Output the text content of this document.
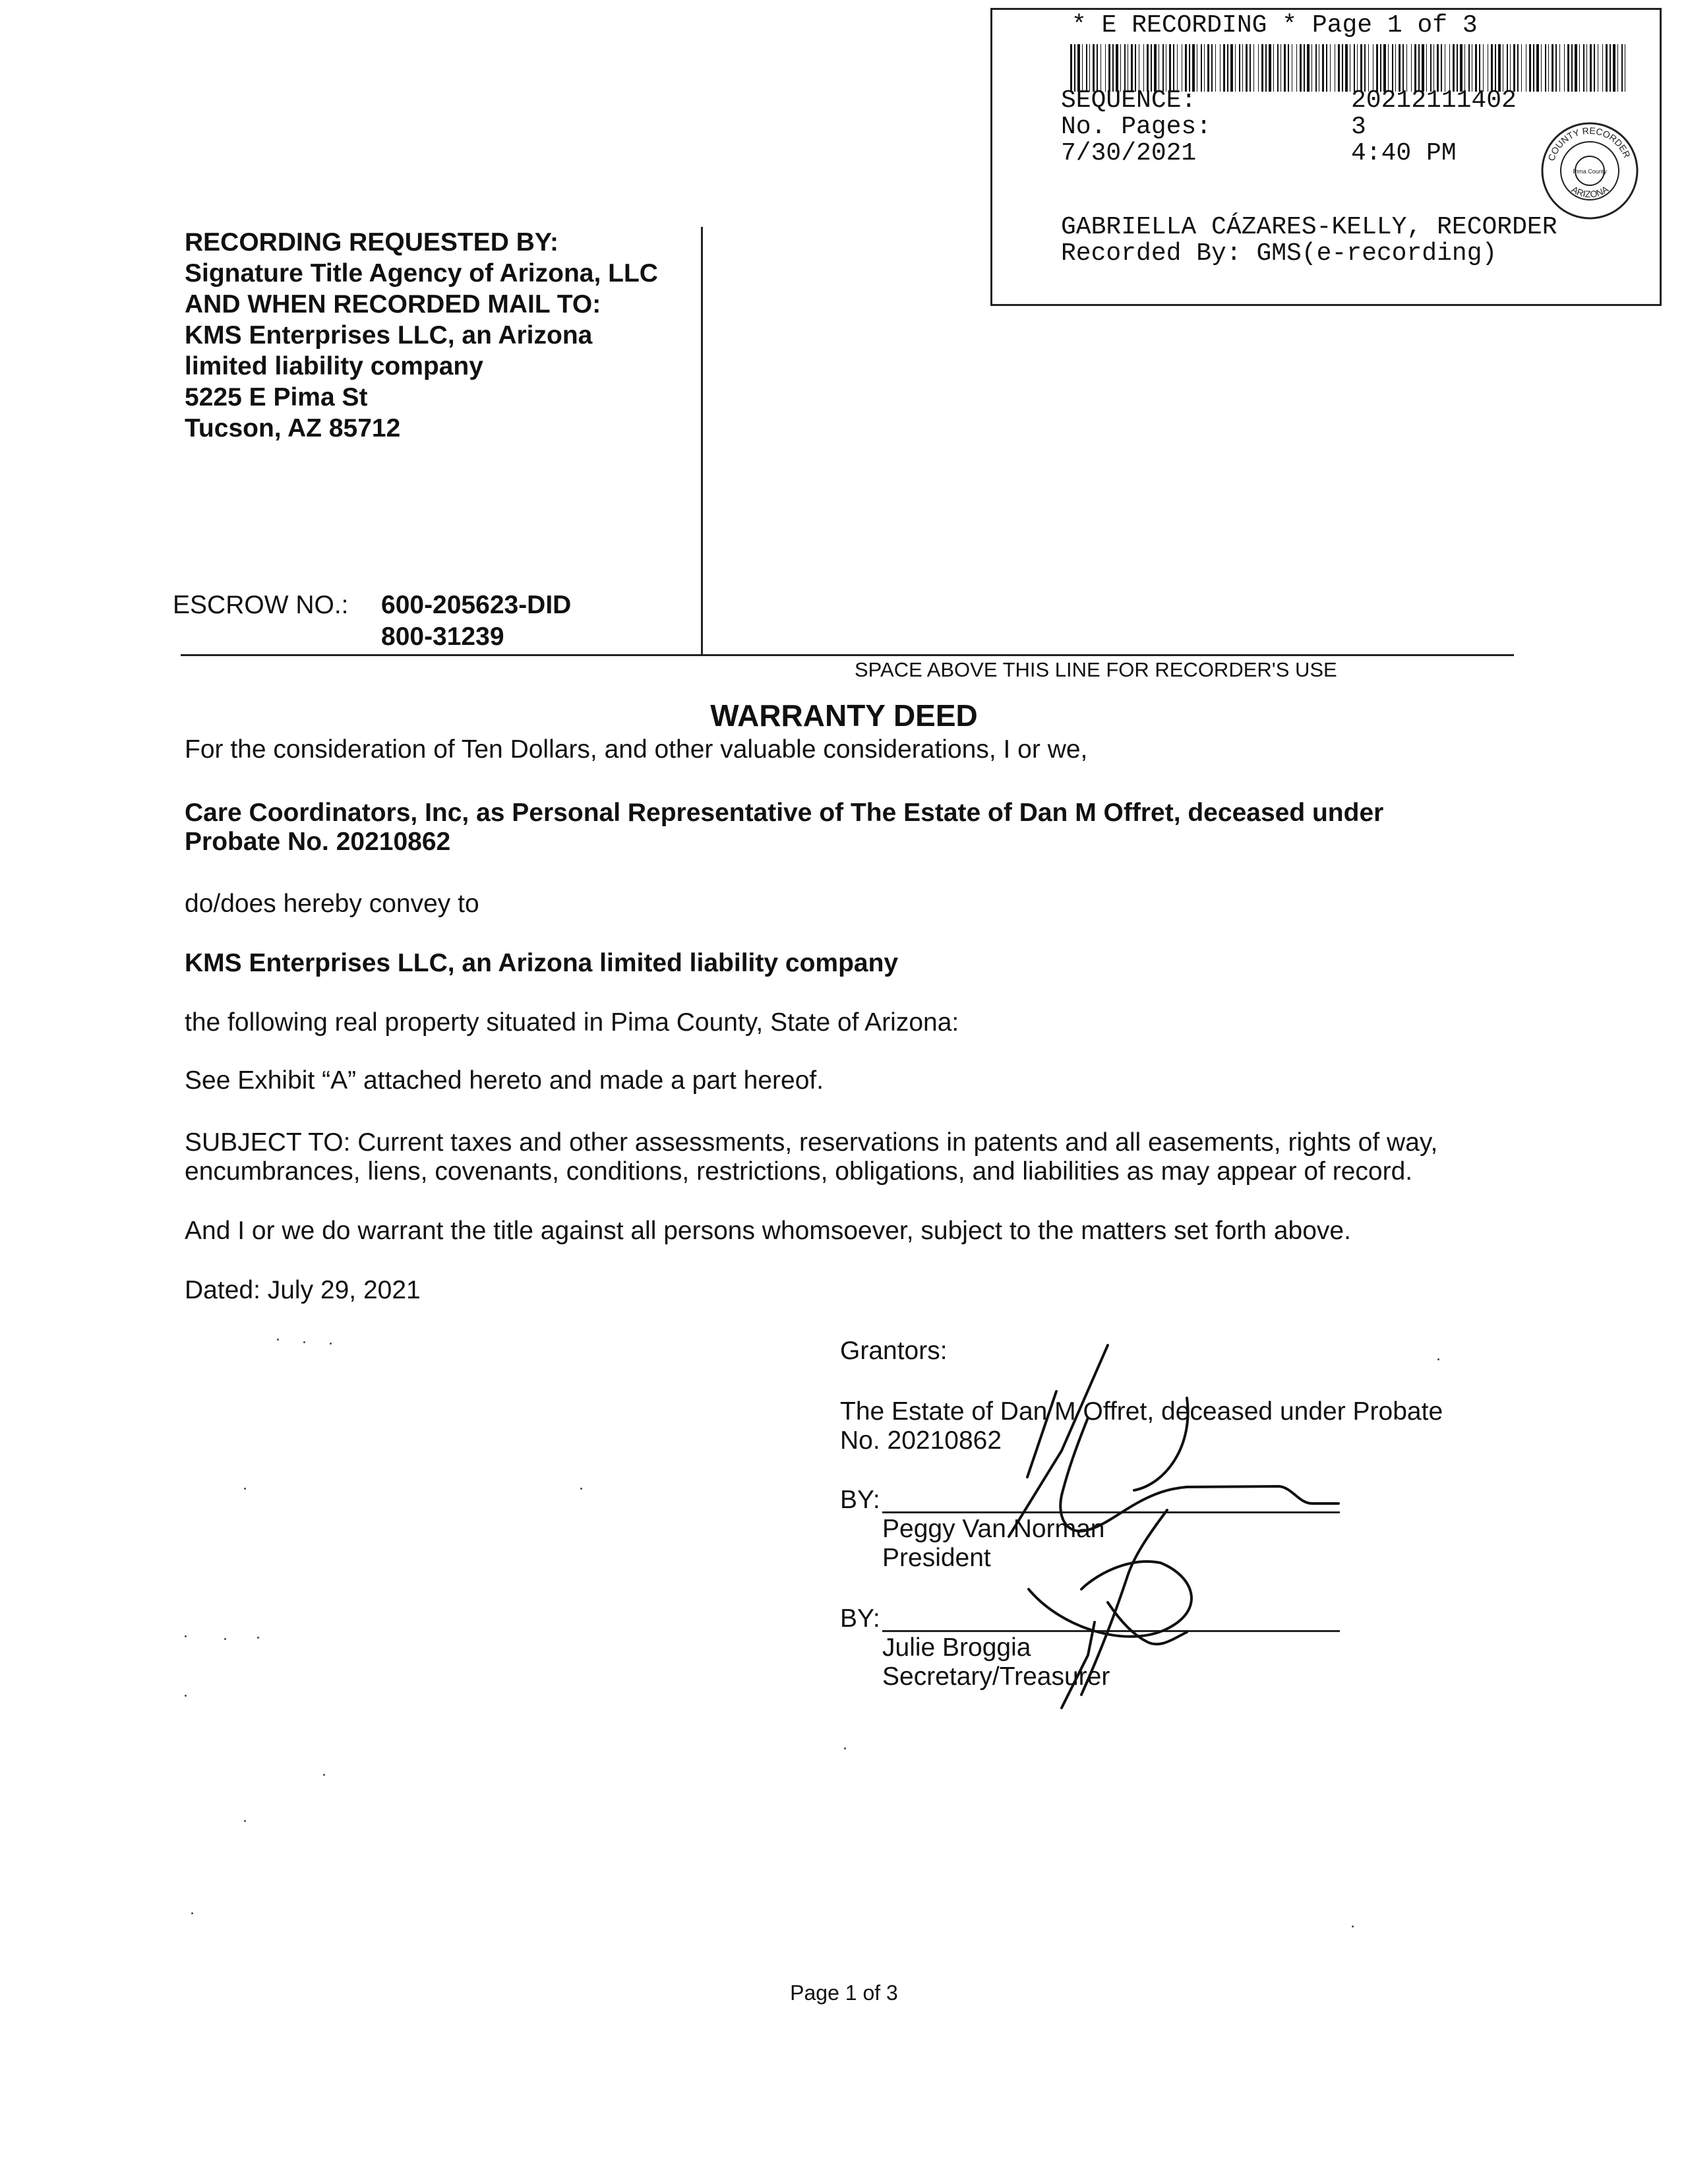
* E RECORDING * Page 1 of 3
SEQUENCE:	20212111402
No. Pages:	3
7/30/2021	4:40 PM
GABRIELLA CÁZARES-KELLY, RECORDER
Recorded By: GMS(e-recording)
COUNTY RECORDER
ARIZONA
Pima County
RECORDING REQUESTED BY:
Signature Title Agency of Arizona, LLC
AND WHEN RECORDED MAIL TO:
KMS Enterprises LLC, an Arizona
limited liability company
5225 E Pima St
Tucson, AZ 85712
ESCROW NO.: 600-205623-DID
800-31239
SPACE ABOVE THIS LINE FOR RECORDER'S USE
WARRANTY DEED
For the consideration of Ten Dollars, and other valuable considerations, I or we,
Care Coordinators, Inc, as Personal Representative of The Estate of Dan M Offret, deceased under
Probate No. 20210862
do/does hereby convey to
KMS Enterprises LLC, an Arizona limited liability company
the following real property situated in Pima County, State of Arizona:
See Exhibit “A” attached hereto and made a part hereof.
SUBJECT TO: Current taxes and other assessments, reservations in patents and all easements, rights of way,
encumbrances, liens, covenants, conditions, restrictions, obligations, and liabilities as may appear of record.
And I or we do warrant the title against all persons whomsoever, subject to the matters set forth above.
Dated: July 29, 2021
Grantors:
The Estate of Dan M Offret, deceased under Probate
No. 20210862
BY:
Peggy Van Norman
President
BY:
Julie Broggia
Secretary/Treasurer
Page 1 of 3
